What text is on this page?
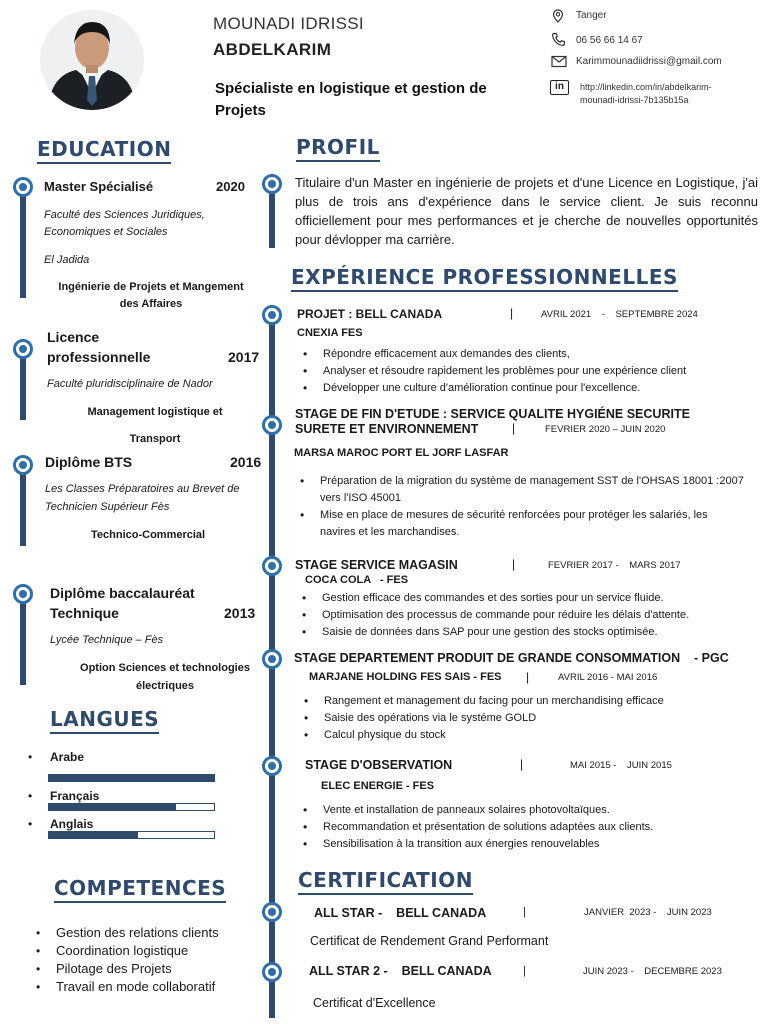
MOUNADI IDRISSI
ABDELKARIM
Spécialiste en logistique et gestion de
Projets
Tanger
06 56 66 14 67
Karimmounadiidrissi@gmail.com
in	http://linkedin.com/in/abdelkarim-
mounadi-idrissi-7b135b15a
EDUCATION
Master Spécialisé	2020
Faculté des Sciences Juridiques,
Economiques et Sociales
El Jadida
Ingénierie de Projets et Mangement
des Affaires
Licence
professionnelle	2017
Faculté pluridisciplinaire de Nador
Management logistique et
Transport
Diplôme BTS	2016
Les Classes Préparatoires au Brevet de
Technicien Supérieur Fès
Technico-Commercial
Diplôme baccalauréat
Technique	2013
Lycée Technique – Fès
Option Sciences et technologies
électriques
LANGUES
• Arabe
• Français
• Anglais
COMPETENCES
• Gestion des relations clients
• Coordination logistique
• Pilotage des Projets
• Travail en mode collaboratif
PROFIL
Titulaire d'un Master en ingénierie de projets et d'une Licence en Logistique, j'ai plus de trois ans d'expérience dans le service client. Je suis reconnu officiellement pour mes performances et je cherche de nouvelles opportunités pour dévlopper ma carrière.
EXPÉRIENCE PROFESSIONNELLES
PROJET : BELL CANADA	|	AVRIL 2021    -    SEPTEMBRE 2024
CNEXIA FES
• Répondre efficacement aux demandes des clients,
• Analyser et résoudre rapidement les problèmes pour une expérience client
• Développer une culture d'amélioration continue pour l'excellence.
STAGE DE FIN D'ETUDE : SERVICE QUALITE HYGIÉNE SECURITE
SURETE ET ENVIRONNEMENT	|	FEVRIER 2020 – JUIN 2020
MARSA MAROC PORT EL JORF LASFAR
• Préparation de la migration du système de management SST de l'OHSAS 18001 :2007 vers l'ISO 45001
• Mise en place de mesures de sécurité renforcées pour protéger les salariés, les navires et les marchandises.
STAGE SERVICE MAGASIN	|	FEVRIER 2017 -    MARS 2017
COCA COLA   - FES
• Gestion efficace des commandes et des sorties pour un service fluide.
• Optimisation des processus de commande pour réduire les délais d'attente.
• Saisie de données dans SAP pour une gestion des stocks optimisée.
STAGE DEPARTEMENT PRODUIT DE GRANDE CONSOMMATION    - PGC
MARJANE HOLDING FES SAIS - FES |	AVRIL 2016 - MAI 2016
• Rangement et management du facing pour un merchandising efficace
• Saisie des opérations via le systéme GOLD
• Calcul physique du stock
STAGE D'OBSERVATION	|	MAI 2015 -    JUIN 2015
ELEC ENERGIE - FES
• Vente et installation de panneaux solaires photovoltaïques.
• Recommandation et présentation de solutions adaptées aux clients.
• Sensibilisation à la transition aux énergies renouvelables
CERTIFICATION
ALL STAR -    BELL CANADA	|	JANVIER  2023 -    JUIN 2023
Certificat de Rendement Grand Performant
ALL STAR 2 -    BELL CANADA	|	JUIN 2023 -    DECEMBRE 2023
Certificat d'Excellence
